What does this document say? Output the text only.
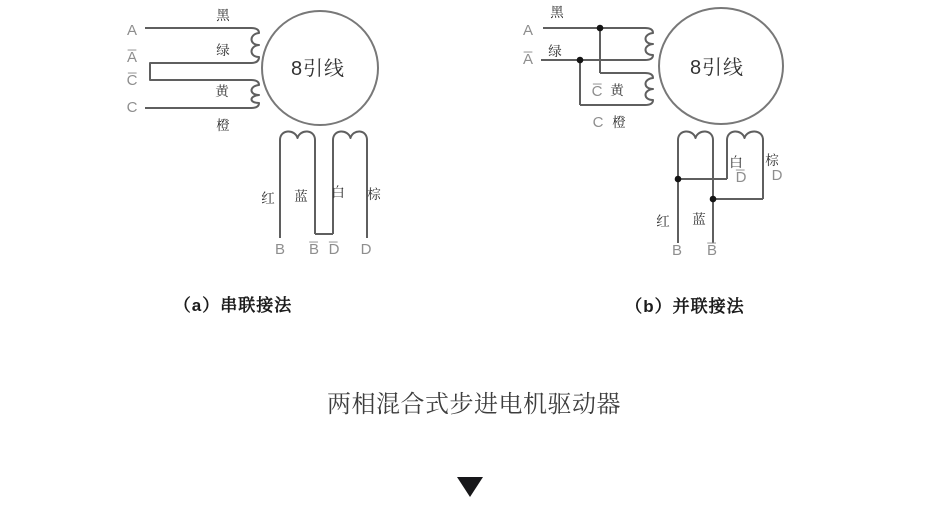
8引线
A
A̅
C̅
C
B B̅ D̅ D
黑
绿
黄
橙
红 蓝 白 棕
（a）串联接法
8引线
A
A̅
C̅
C
D̅ D
B B̅
黑
绿
黄
橙
白 棕
红 蓝
（b）并联接法
两相混合式步进电机驱动器
